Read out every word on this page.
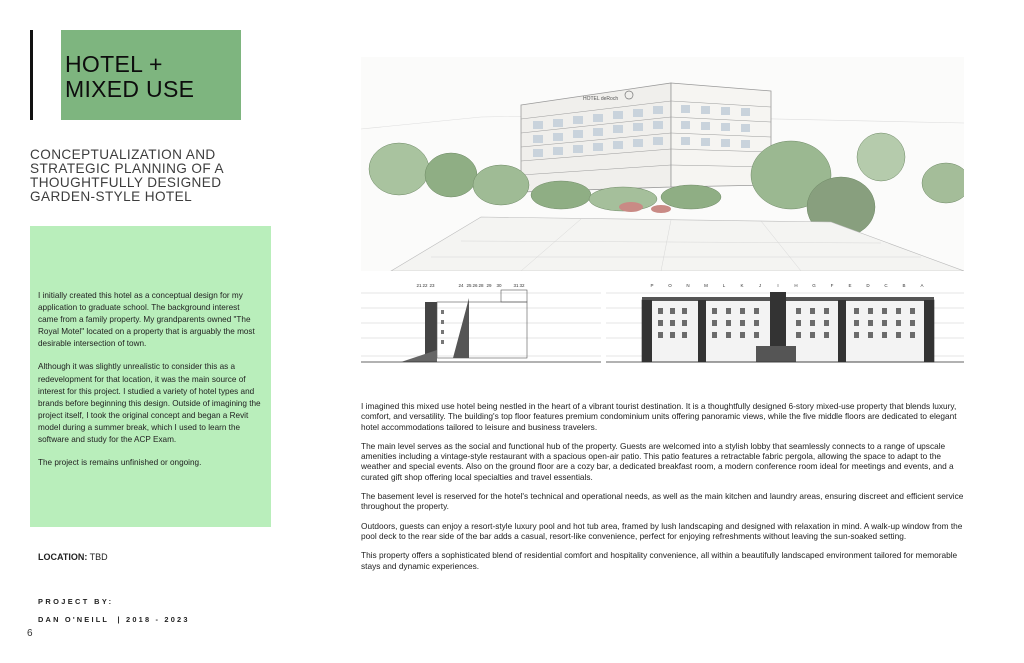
HOTEL +
MIXED USE
CONCEPTUALIZATION AND
STRATEGIC PLANNING OF A
THOUGHTFULLY DESIGNED
GARDEN-STYLE HOTEL

I initially created this hotel as a conceptual design for my application to graduate school. The background interest came from a family property. My grandparents owned "The Royal Motel" located on a property that is arguably the most desirable intersection of town.

Although it was slightly unrealistic to consider this as a redevelopment for that location, it was the main source of interest for this project. I studied a variety of hotel types and brands before beginning this design. Outside of imagining the project itself, I took the original concept and began a Revit model during a summer break, which I used to learn the software and study for the ACP Exam.

The project is remains unfinished or ongoing.

LOCATION: TBD
PROJECT BY:
DAN O'NEILL  | 2018 - 2023
6
HOTEL deRoch
21 22 23	24 25 26 28 29 30	31 32	P	O	N	M	L	K	J	I	H	G	F	E	D	C	B	A

I imagined this mixed use hotel being nestled in the heart of a vibrant tourist destination. It is a thoughtfully designed 6-story mixed-use property that blends luxury, comfort, and versatility. The building's top floor features premium condominium units offering panoramic views, while the five middle floors are dedicated to elegant hotel accommodations tailored to leisure and business travelers.

The main level serves as the social and functional hub of the property. Guests are welcomed into a stylish lobby that seamlessly connects to a range of upscale amenities including a vintage-style restaurant with a spacious open-air patio. This patio features a retractable fabric pergola, allowing the space to adapt to the weather and special events. Also on the ground floor are a cozy bar, a dedicated breakfast room, a modern conference room ideal for meetings and events, and a curated gift shop offering local specialties and travel essentials.

The basement level is reserved for the hotel's technical and operational needs, as well as the main kitchen and laundry areas, ensuring discreet and efficient service throughout the property.

Outdoors, guests can enjoy a resort-style luxury pool and hot tub area, framed by lush landscaping and designed with relaxation in mind. A walk-up window from the pool deck to the rear side of the bar adds a casual, resort-like convenience, perfect for enjoying refreshments without leaving the sun-soaked setting.

This property offers a sophisticated blend of residential comfort and hospitality convenience, all within a beautifully landscaped environment tailored for memorable stays and dynamic experiences.
